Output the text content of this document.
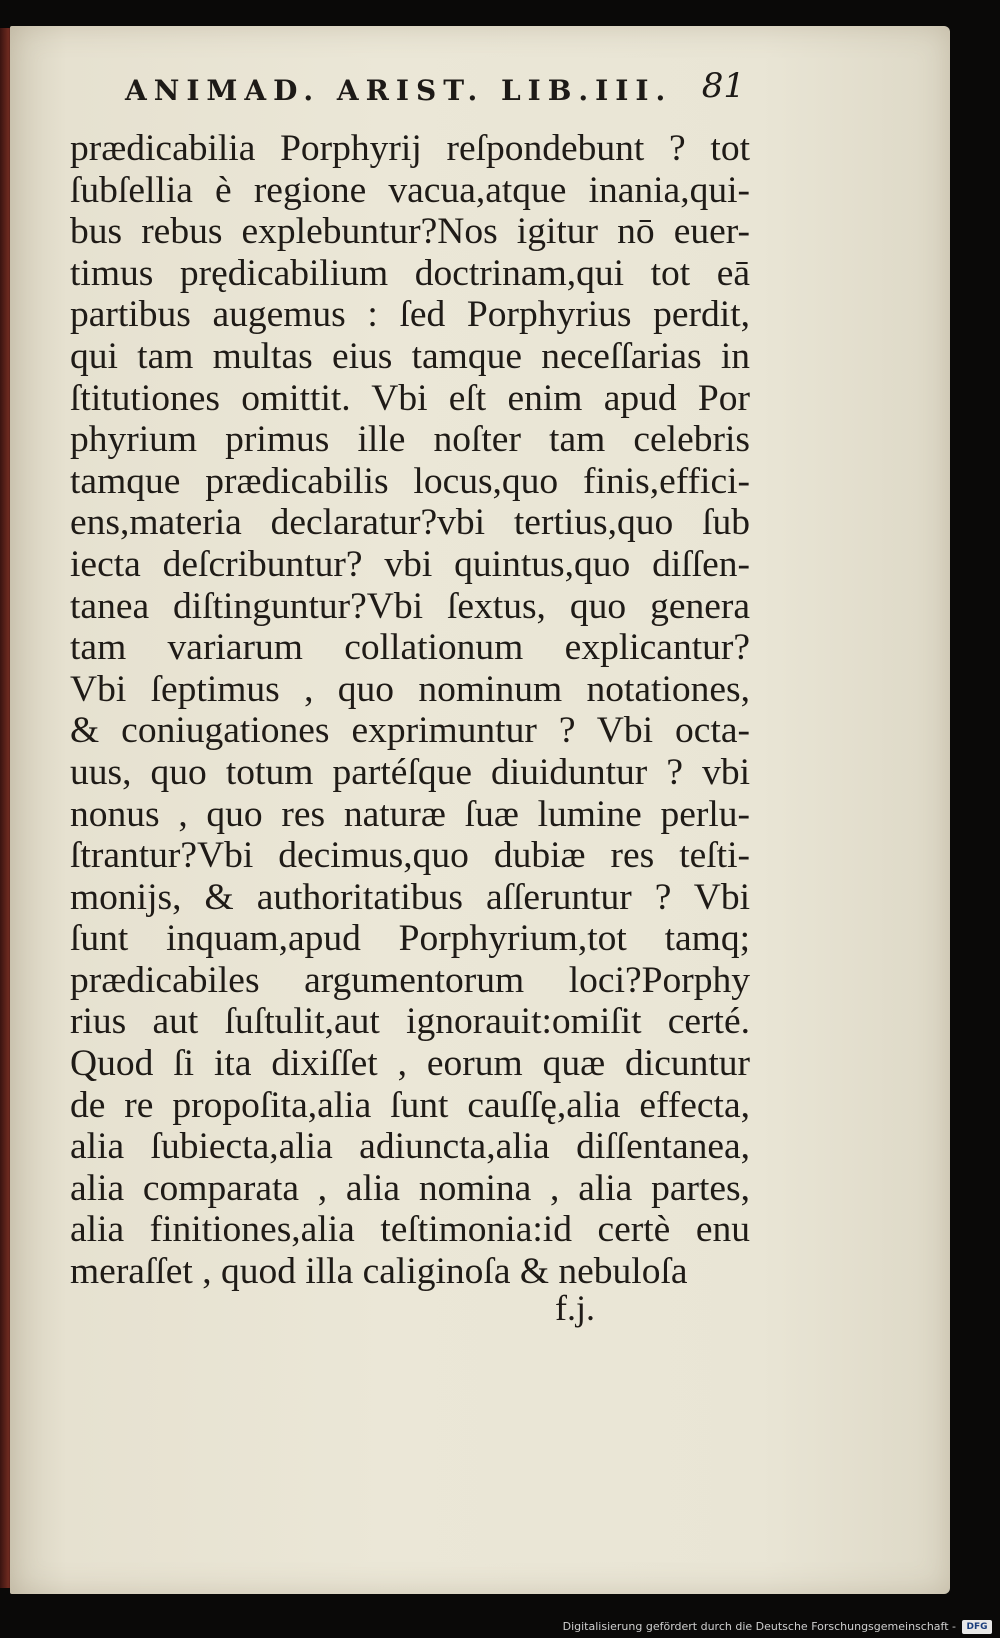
ANIMAD. ARIST. LIB.III. 81
prædicabilia Porphyrij reſpondebunt ? tot
ſubſellia è regione vacua,atque inania,qui-
bus rebus explebuntur?Nos igitur nō euer-
timus prędicabilium doctrinam,qui tot eā
partibus augemus : ſed Porphyrius perdit,
qui tam multas eius tamque neceſſarias in
ſtitutiones omittit. Vbi eſt enim apud Por
phyrium primus ille noſter tam celebris
tamque prædicabilis locus,quo finis,effici-
ens,materia declaratur?vbi tertius,quo ſub
iecta deſcribuntur? vbi quintus,quo diſſen-
tanea diſtinguntur?Vbi ſextus, quo genera
tam variarum collationum explicantur?
Vbi ſeptimus , quo nominum notationes,
& coniugationes exprimuntur ? Vbi octa-
uus, quo totum partéſque diuiduntur ? vbi
nonus , quo res naturæ ſuæ lumine perlu-
ſtrantur?Vbi decimus,quo dubiæ res teſti-
monijs, & authoritatibus aſſeruntur ? Vbi
ſunt inquam,apud Porphyrium,tot tamq;
prædicabiles argumentorum loci?Porphy
rius aut ſuſtulit,aut ignorauit:omiſit certé.
Quod ſi ita dixiſſet , eorum quæ dicuntur
de re propoſita,alia ſunt cauſſę,alia effecta,
alia ſubiecta,alia adiuncta,alia diſſentanea,
alia comparata , alia nomina , alia partes,
alia finitiones,alia teſtimonia:id certè enu
meraſſet , quod illa caliginoſa & nebuloſa
f.j.
Digitalisierung gefördert durch die Deutsche Forschungsgemeinschaft -	DFG
